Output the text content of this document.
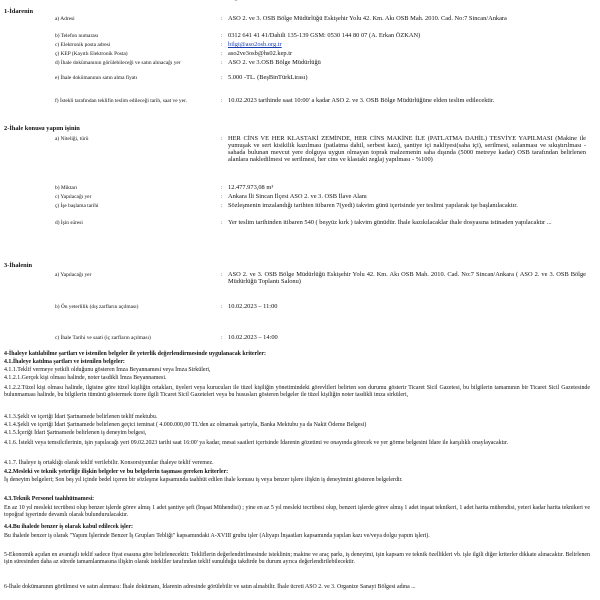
1-İdarenin
a) Adresi	: ASO 2. ve 3. OSB Bölge Müdürlüğü Eskişehir Yolu 42. Km. Akı OSB Mah. 2010. Cad. No:7 Sincan/Ankara
b) Telefon numarası	: 0312 641 41 41/Dahili 135-139 GSM: 0530 144 80 07 (A. Erkan ÖZKAN)
c) Elektronik posta adresi	: bilgi@aso2osb.org.tr
ç) KEP (Kayıtlı Elektronik Posta)	: aso2ve3osb@hs02.kep.tr
d) İhale dokümanının görülebileceği ve satın alınacağı yer	: ASO 2. ve 3.OSB Bölge Müdürlüğü
e) İhale dokümanının satın alma fiyatı	: 5.000 -TL. (BeşBinTürkLirası)
f) İstekli tarafından teklifin teslim edileceği tarih, saat ve yer.	: 10.02.2023 tarihinde saat 10:00' a kadar ASO 2. ve 3. OSB Bölge Müdürlüğüne elden teslim edilecektir.
2-İhale konusu yapım işinin
a) Niteliği, türü	: HER CİNS VE HER KLASTAKİ ZEMİNDE, HER CİNS MAKİNE İLE (PATLATMA DAHİL) TESVİYE YAPILMASI (Makine ile yumuşak ve sert kisikilik kazılması (patlatma dahil, serbest kazı), şantiye içi nakliyesi(saha içi), serilmesi, sulanması ve sıkıştırılması - sahada bulunan mevcut yere dolguya uygun olmayan toprak malzemenin saha dışında (5000 metreye kadar) OSB tarafından belirlenen alanlara nakledilmesi ve serilmesi, her cins ve klastaki zeglaj yapılması - %100)
b) Miktarı	: 12.477.973,08 m³
c) Yapılacağı yer	: Ankara İli Sincan İlçesi ASO 2. ve 3. OSB İlave Alanı
ç) İşe başlama tarihi	: Sözleşmenin imzalandığı tarihten itibaren 7(yedi) takvim günü içerisinde yer teslimi yapılarak işe başlanılacaktır.
d) İşin süresi	: Yer teslim tarihinden itibaren 540 ( beşyüz kırk ) takvim günüdür. İhale kazıkılacaklar ihale dosyasına istinaden yapılacaktır ...
3-İhalenin
a) Yapılacağı yer	: ASO 2. ve 3. OSB Bölge Müdürlüğü Eskişehir Yolu 42. Km. Akı OSB Mah. 2010. Cad. No:7 Sincan/Ankara ( ASO 2. ve 3. OSB Bölge Müdürlüğü Toplantı Salonu)
b) Ön yeterlilik (dış zarfların açılması)	: 10.02.2023 – 11:00
c) İhale Tarihi ve saati (iç zarfların açılması)	: 10.02.2023 – 14:00
4-İhaleye katılabilme şartları ve istenilen belgeler ile yeterlik değerlendirmesinde uygulanacak kriterler:
4.1.İhaleye katılma şartları ve istenilen belgeler:
4.1.1.Teklif vermeye yetkili olduğunu gösteren İmza Beyannamesi veya İmza Sirküleri,
4.1.2.1.Gerçek kişi olması halinde, noter tasdikli İmza Beyannamesi.
4.1.2.2.Tüzel kişi olması halinde, ilgisine göre tüzel kişiliğin ortakları, üyeleri veya kurucuları ile tüzel kişiliğin yönetimindeki görevlileri belirten son durumu gösterir Ticaret Sicil Gazetesi, bu bilgilerin tamamının bir Ticaret Sicil Gazetesinde bulunmaması halinde, bu bilgilerin tümünü göstermek üzere ilgili Ticaret Sicil Gazeteleri veya bu hususları gösteren belgeler ile tüzel kişiliğin noter tasdikli imza sirküleri,
4.1.3.Şekli ve içeriği İdari Şartnamede belirlenen teklif mektubu.
4.1.4.Şekli ve içeriği İdari Şartnamede belirlenen geçici teminat ( 4.000.000,00 TL'den az olmamak şartıyla, Banka Mektubu ya da Nakit Ödeme Belgesi)
4.1.5.İçeriği İdari Şartnamede belirlenen iş deneyim belgesi,
4.1.6. İstekli veya temsilcilerinin, işin yapılacağı yeri 09.02.2023 tarihi saat 16:00' ya kadar, mesai saatleri içerisinde İdarenin gözetimi ve onayında görecek ve yer görme belgesini İdare ile karşılıklı onaylayacaktır.
4.1.7. İhaleye iş ortaklığı olarak teklif verilebilir. Konsorsiyumlar ihaleye teklif veremez.
4.2.Mesleki ve teknik yeterliğe ilişkin belgeler ve bu belgelerin taşıması gereken kriterler:
İş deneyim belgeleri; Son beş yıl içinde bedel içeren bir sözleşme kapsamında taahhüt edilen ihale konusu iş veya benzer işlere ilişkin iş deneyimini gösteren belgelerdir.
4.3.Teknik Personel taahhütnamesi:
En az 10 yıl mesleki tecrübesi olup benzer işlerde görev almış 1 adet şantiye şefi (İnşaat Mühendisi) ; yine en az 5 yıl mesleki tecrübesi olup, benzeri işlerde görev almış 1 adet inşaat teknikeri, 1 adet harita mühendisi, yeteri kadar harita teknikeri ve topoğraf işyerinde devamlı olarak bulundurulacaktır.
4.4.Bu ihalede benzer iş olarak kabul edilecek işler:
Bu ihalede benzer iş olarak "Yapım İşlerinde Benzer İş Grupları Tebliği" kapsamındaki A-XVIII grubu işler (Altyapı İnşaatları kapsamında yapılan kazı ve/veya dolgu yapım işleri).
5-Ekonomik açıdan en avantajlı teklif sadece fiyat esasına göre belirlenecektir. Tekliflerin değerlendirilmesinde isteklinin; makine ve araç parkı, iş deneyimi, işin kapsam ve teknik özellikleri vb. işle ilgili diğer kriterler dikkate alınacaktır. Belirlenen işin süresinden daha az sürede tamamlanmasına ilişkin olarak istekliler tarafından teklif sunulduğu takdirde bu durum ayrıca değerlendirilebilecektir.
6-İhale dokümanının görülmesi ve satın alınması: İhale dokümanı, İdarenin adresinde görülebilir ve satın alınabilir. İhale ücreti ASO 2. ve 3. Organize Sanayi Bölgesi adına ...
